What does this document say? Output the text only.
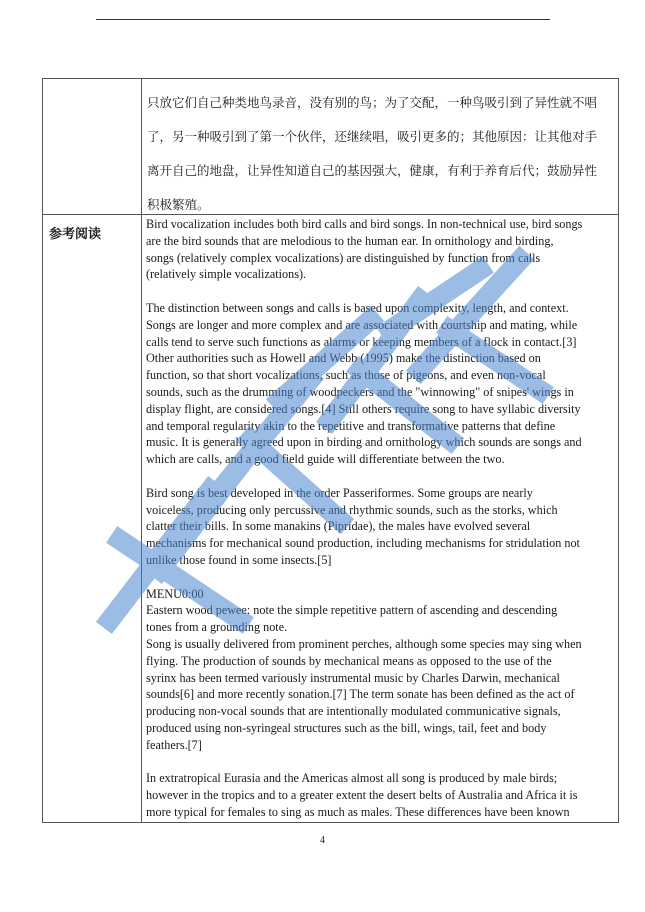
只放它们自己种类地鸟录音，没有别的鸟；为了交配，一种鸟吸引到了异性就不唱
了，另一种吸引到了第一个伙伴，还继续唱，吸引更多的；其他原因：让其他对手
离开自己的地盘，让异性知道自己的基因强大，健康，有利于养育后代；鼓励异性
积极繁殖。
参考阅读
Bird vocalization includes both bird calls and bird songs. In non-technical use, bird songs
are the bird sounds that are melodious to the human ear. In ornithology and birding,
songs (relatively complex vocalizations) are distinguished by function from calls
(relatively simple vocalizations).
The distinction between songs and calls is based upon complexity, length, and context.
Songs are longer and more complex and are associated with courtship and mating, while
calls tend to serve such functions as alarms or keeping members of a flock in contact.[3]
Other authorities such as Howell and Webb (1995) make the distinction based on
function, so that short vocalizations, such as those of pigeons, and even non-vocal
sounds, such as the drumming of woodpeckers and the "winnowing" of snipes' wings in
display flight, are considered songs.[4] Still others require song to have syllabic diversity
and temporal regularity akin to the repetitive and transformative patterns that define
music. It is generally agreed upon in birding and ornithology which sounds are songs and
which are calls, and a good field guide will differentiate between the two.
Bird song is best developed in the order Passeriformes. Some groups are nearly
voiceless, producing only percussive and rhythmic sounds, such as the storks, which
clatter their bills. In some manakins (Pipridae), the males have evolved several
mechanisms for mechanical sound production, including mechanisms for stridulation not
unlike those found in some insects.[5]
MENU0:00
Eastern wood pewee: note the simple repetitive pattern of ascending and descending
tones from a grounding note.
Song is usually delivered from prominent perches, although some species may sing when
flying. The production of sounds by mechanical means as opposed to the use of the
syrinx has been termed variously instrumental music by Charles Darwin, mechanical
sounds[6] and more recently sonation.[7] The term sonate has been defined as the act of
producing non-vocal sounds that are intentionally modulated communicative signals,
produced using non-syringeal structures such as the bill, wings, tail, feet and body
feathers.[7]
In extratropical Eurasia and the Americas almost all song is produced by male birds;
however in the tropics and to a greater extent the desert belts of Australia and Africa it is
more typical for females to sing as much as males. These differences have been known
4
